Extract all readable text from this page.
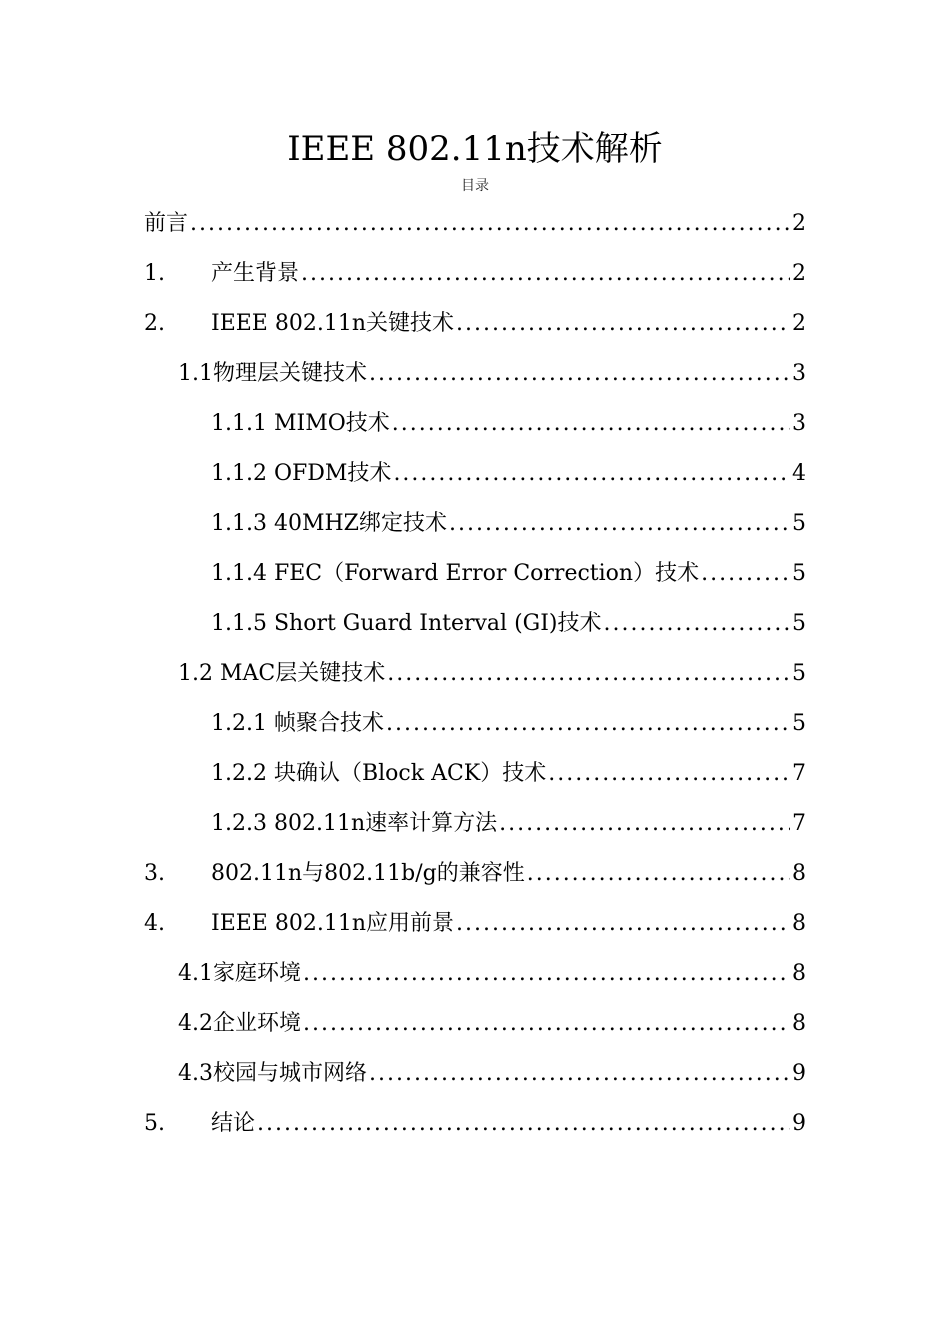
IEEE 802.11n技术解析
目录
前言 .....	2
1.	产生背景 .....	2
2.	IEEE 802.11n关键技术 .....	2
1.1物理层关键技术 .....	3
1.1.1 MIMO技术 .....	3
1.1.2 OFDM技术 .....	4
1.1.3 40MHZ绑定技术 .....	5
1.1.4 FEC（Forward Error Correction）技术 .....	5
1.1.5 Short Guard Interval (GI)技术 .....	5
1.2 MAC层关键技术 .....	5
1.2.1 帧聚合技术 .....	5
1.2.2 块确认（Block ACK）技术 .....	7
1.2.3 802.11n速率计算方法 .....	7
3.	802.11n与802.11b/g的兼容性 .....	8
4.	IEEE 802.11n应用前景 .....	8
4.1家庭环境 .....	8
4.2企业环境 .....	8
4.3校园与城市网络 .....	9
5.	结论 .....	9
